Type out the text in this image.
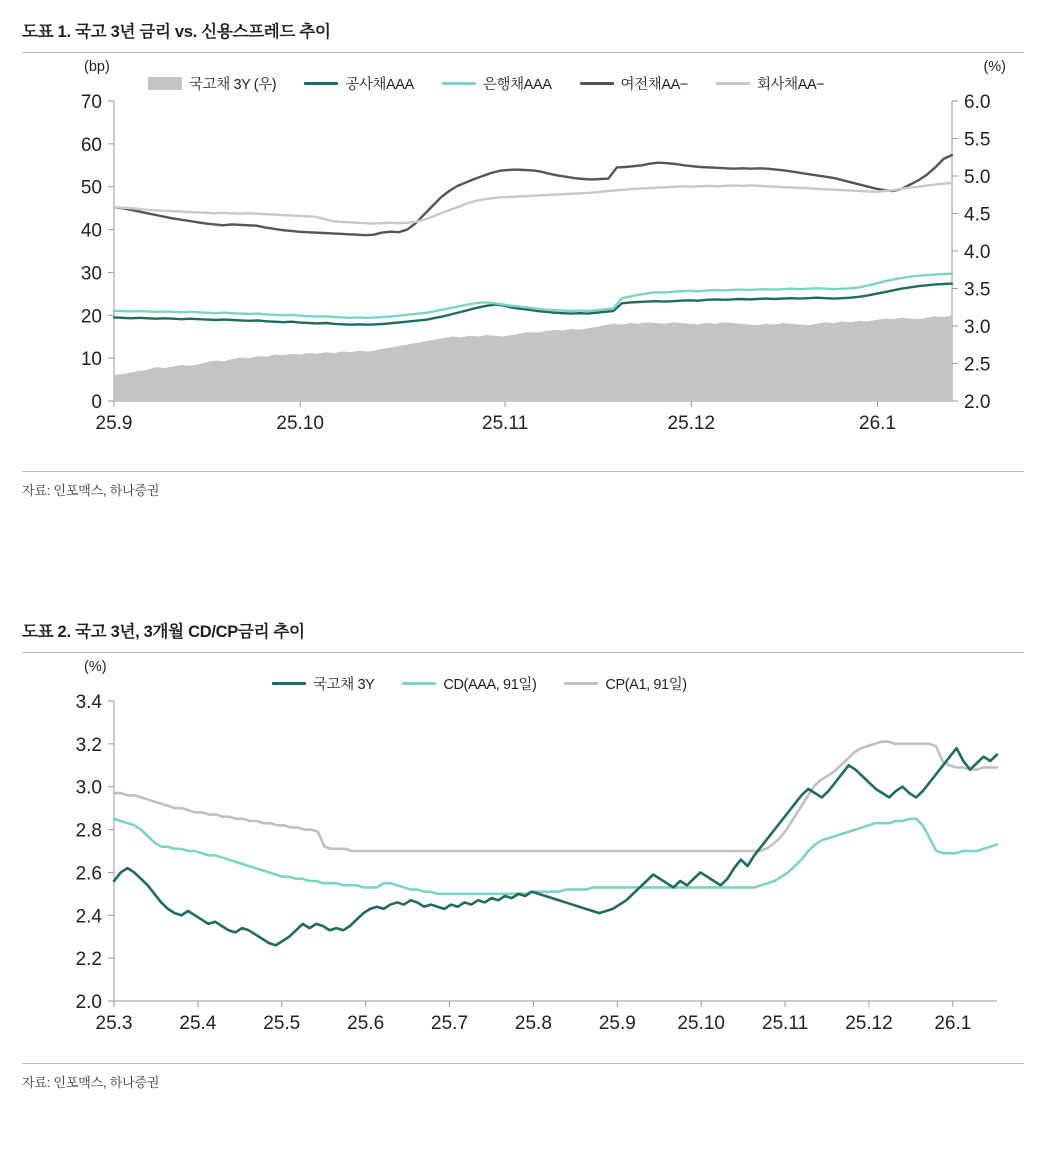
도표 1. 국고 3년 금리 vs. 신용스프레드 추이
0
10
20
30
40
50
60
70
2.0
2.5
3.0
3.5
4.0
4.5
5.0
5.5
6.0
25.9	25.10	25.11	25.12	26.1
(bp)	(%)
국고채 3Y (우)	공사채AAA	은행채AAA	여전채AA−	회사채AA−
자료: 인포맥스, 하나증권
도표 2. 국고 3년, 3개월 CD/CP금리 추이
2.0
2.2
2.4
2.6
2.8
3.0
3.2
3.4
25.3 25.4 25.5 25.6 25.7 25.8 25.9 25.10 25.11 25.12 26.1
(%)
국고채 3Y	CD(AAA, 91일)	CP(A1, 91일)
자료: 인포맥스, 하나증권
